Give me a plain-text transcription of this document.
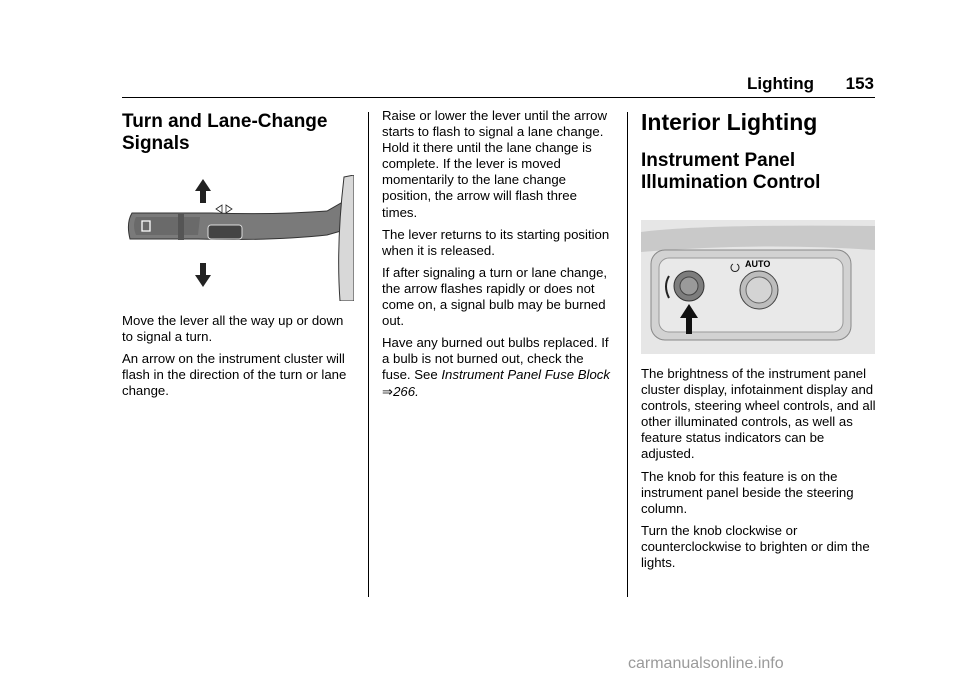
Lighting 153
Turn and Lane-Change Signals

Move the lever all the way up or down to signal a turn.

An arrow on the instrument cluster will flash in the direction of the turn or lane change.

Raise or lower the lever until the arrow starts to flash to signal a lane change. Hold it there until the lane change is complete. If the lever is moved momentarily to the lane change position, the arrow will flash three times.

The lever returns to its starting position when it is released.

If after signaling a turn or lane change, the arrow flashes rapidly or does not come on, a signal bulb may be burned out.

Have any burned out bulbs replaced. If a bulb is not burned out, check the fuse. See Instrument Panel Fuse Block ⇒266.

Interior Lighting
Instrument Panel Illumination Control
AUTO

The brightness of the instrument panel cluster display, infotainment display and controls, steering wheel controls, and all other illuminated controls, as well as feature status indicators can be adjusted.

The knob for this feature is on the instrument panel beside the steering column.

Turn the knob clockwise or counterclockwise to brighten or dim the lights.

carmanualsonline.info
